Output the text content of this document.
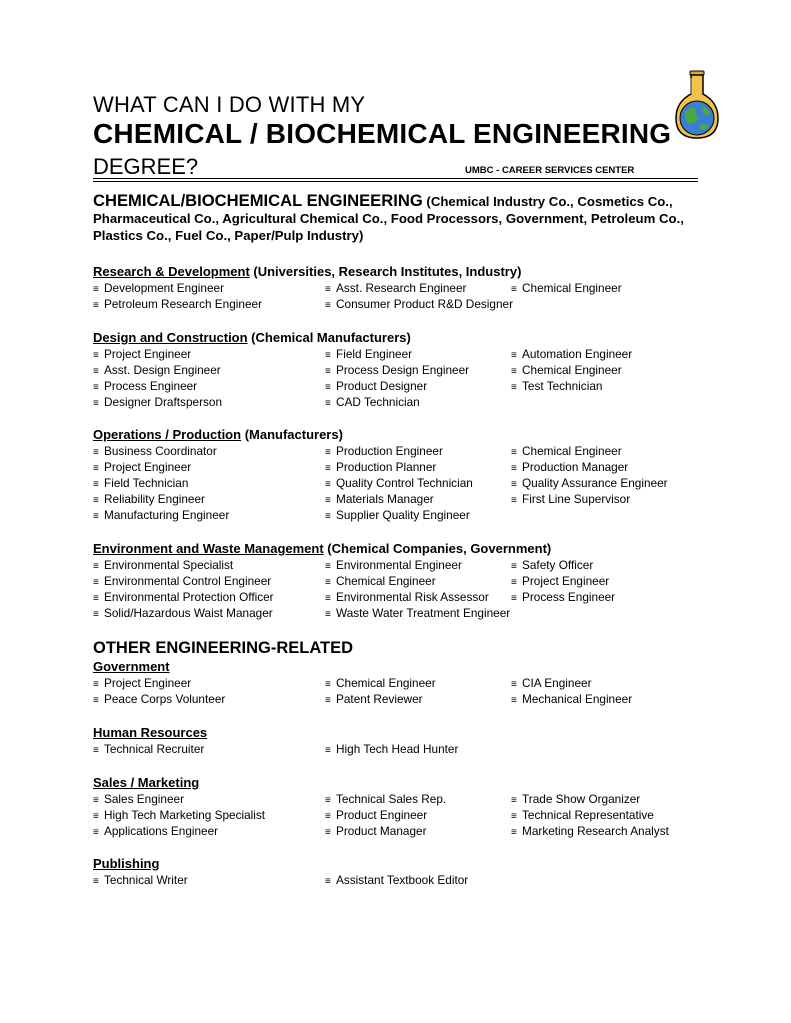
WHAT CAN I DO WITH MY
CHEMICAL / BIOCHEMICAL ENGINEERING
DEGREE?	UMBC - CAREER SERVICES CENTER
CHEMICAL/BIOCHEMICAL ENGINEERING (Chemical Industry Co., Cosmetics Co., Pharmaceutical Co., Agricultural Chemical Co., Food Processors, Government, Petroleum Co., Plastics Co., Fuel Co., Paper/Pulp Industry)
Research & Development (Universities, Research Institutes, Industry)
≡ Development Engineer	≡ Asst. Research Engineer	≡ Chemical Engineer
≡ Petroleum Research Engineer	≡ Consumer Product R&D Designer
Design and Construction (Chemical Manufacturers)
≡ Project Engineer	≡ Field Engineer	≡ Automation Engineer
≡ Asst. Design Engineer	≡ Process Design Engineer	≡ Chemical Engineer
≡ Process Engineer	≡ Product Designer	≡ Test Technician
≡ Designer Draftsperson	≡ CAD Technician
Operations / Production (Manufacturers)
≡ Business Coordinator	≡ Production Engineer	≡ Chemical Engineer
≡ Project Engineer	≡ Production Planner	≡ Production Manager
≡ Field Technician	≡ Quality Control Technician	≡ Quality Assurance Engineer
≡ Reliability Engineer	≡ Materials Manager	≡ First Line Supervisor
≡ Manufacturing Engineer	≡ Supplier Quality Engineer
Environment and Waste Management (Chemical Companies, Government)
≡ Environmental Specialist	≡ Environmental Engineer	≡ Safety Officer
≡ Environmental Control Engineer	≡ Chemical Engineer	≡ Project Engineer
≡ Environmental Protection Officer	≡ Environmental Risk Assessor ≡ Process Engineer
≡ Solid/Hazardous Waist Manager	≡ Waste Water Treatment Engineer
OTHER ENGINEERING-RELATED
Government
≡ Project Engineer	≡ Chemical Engineer	≡ CIA Engineer
≡ Peace Corps Volunteer	≡ Patent Reviewer	≡ Mechanical Engineer
Human Resources
≡ Technical Recruiter	≡ High Tech Head Hunter
Sales / Marketing
≡ Sales Engineer	≡ Technical Sales Rep.	≡ Trade Show Organizer
≡ High Tech Marketing Specialist	≡ Product Engineer	≡ Technical Representative
≡ Applications Engineer	≡ Product Manager	≡ Marketing Research Analyst
Publishing
≡ Technical Writer	≡ Assistant Textbook Editor
